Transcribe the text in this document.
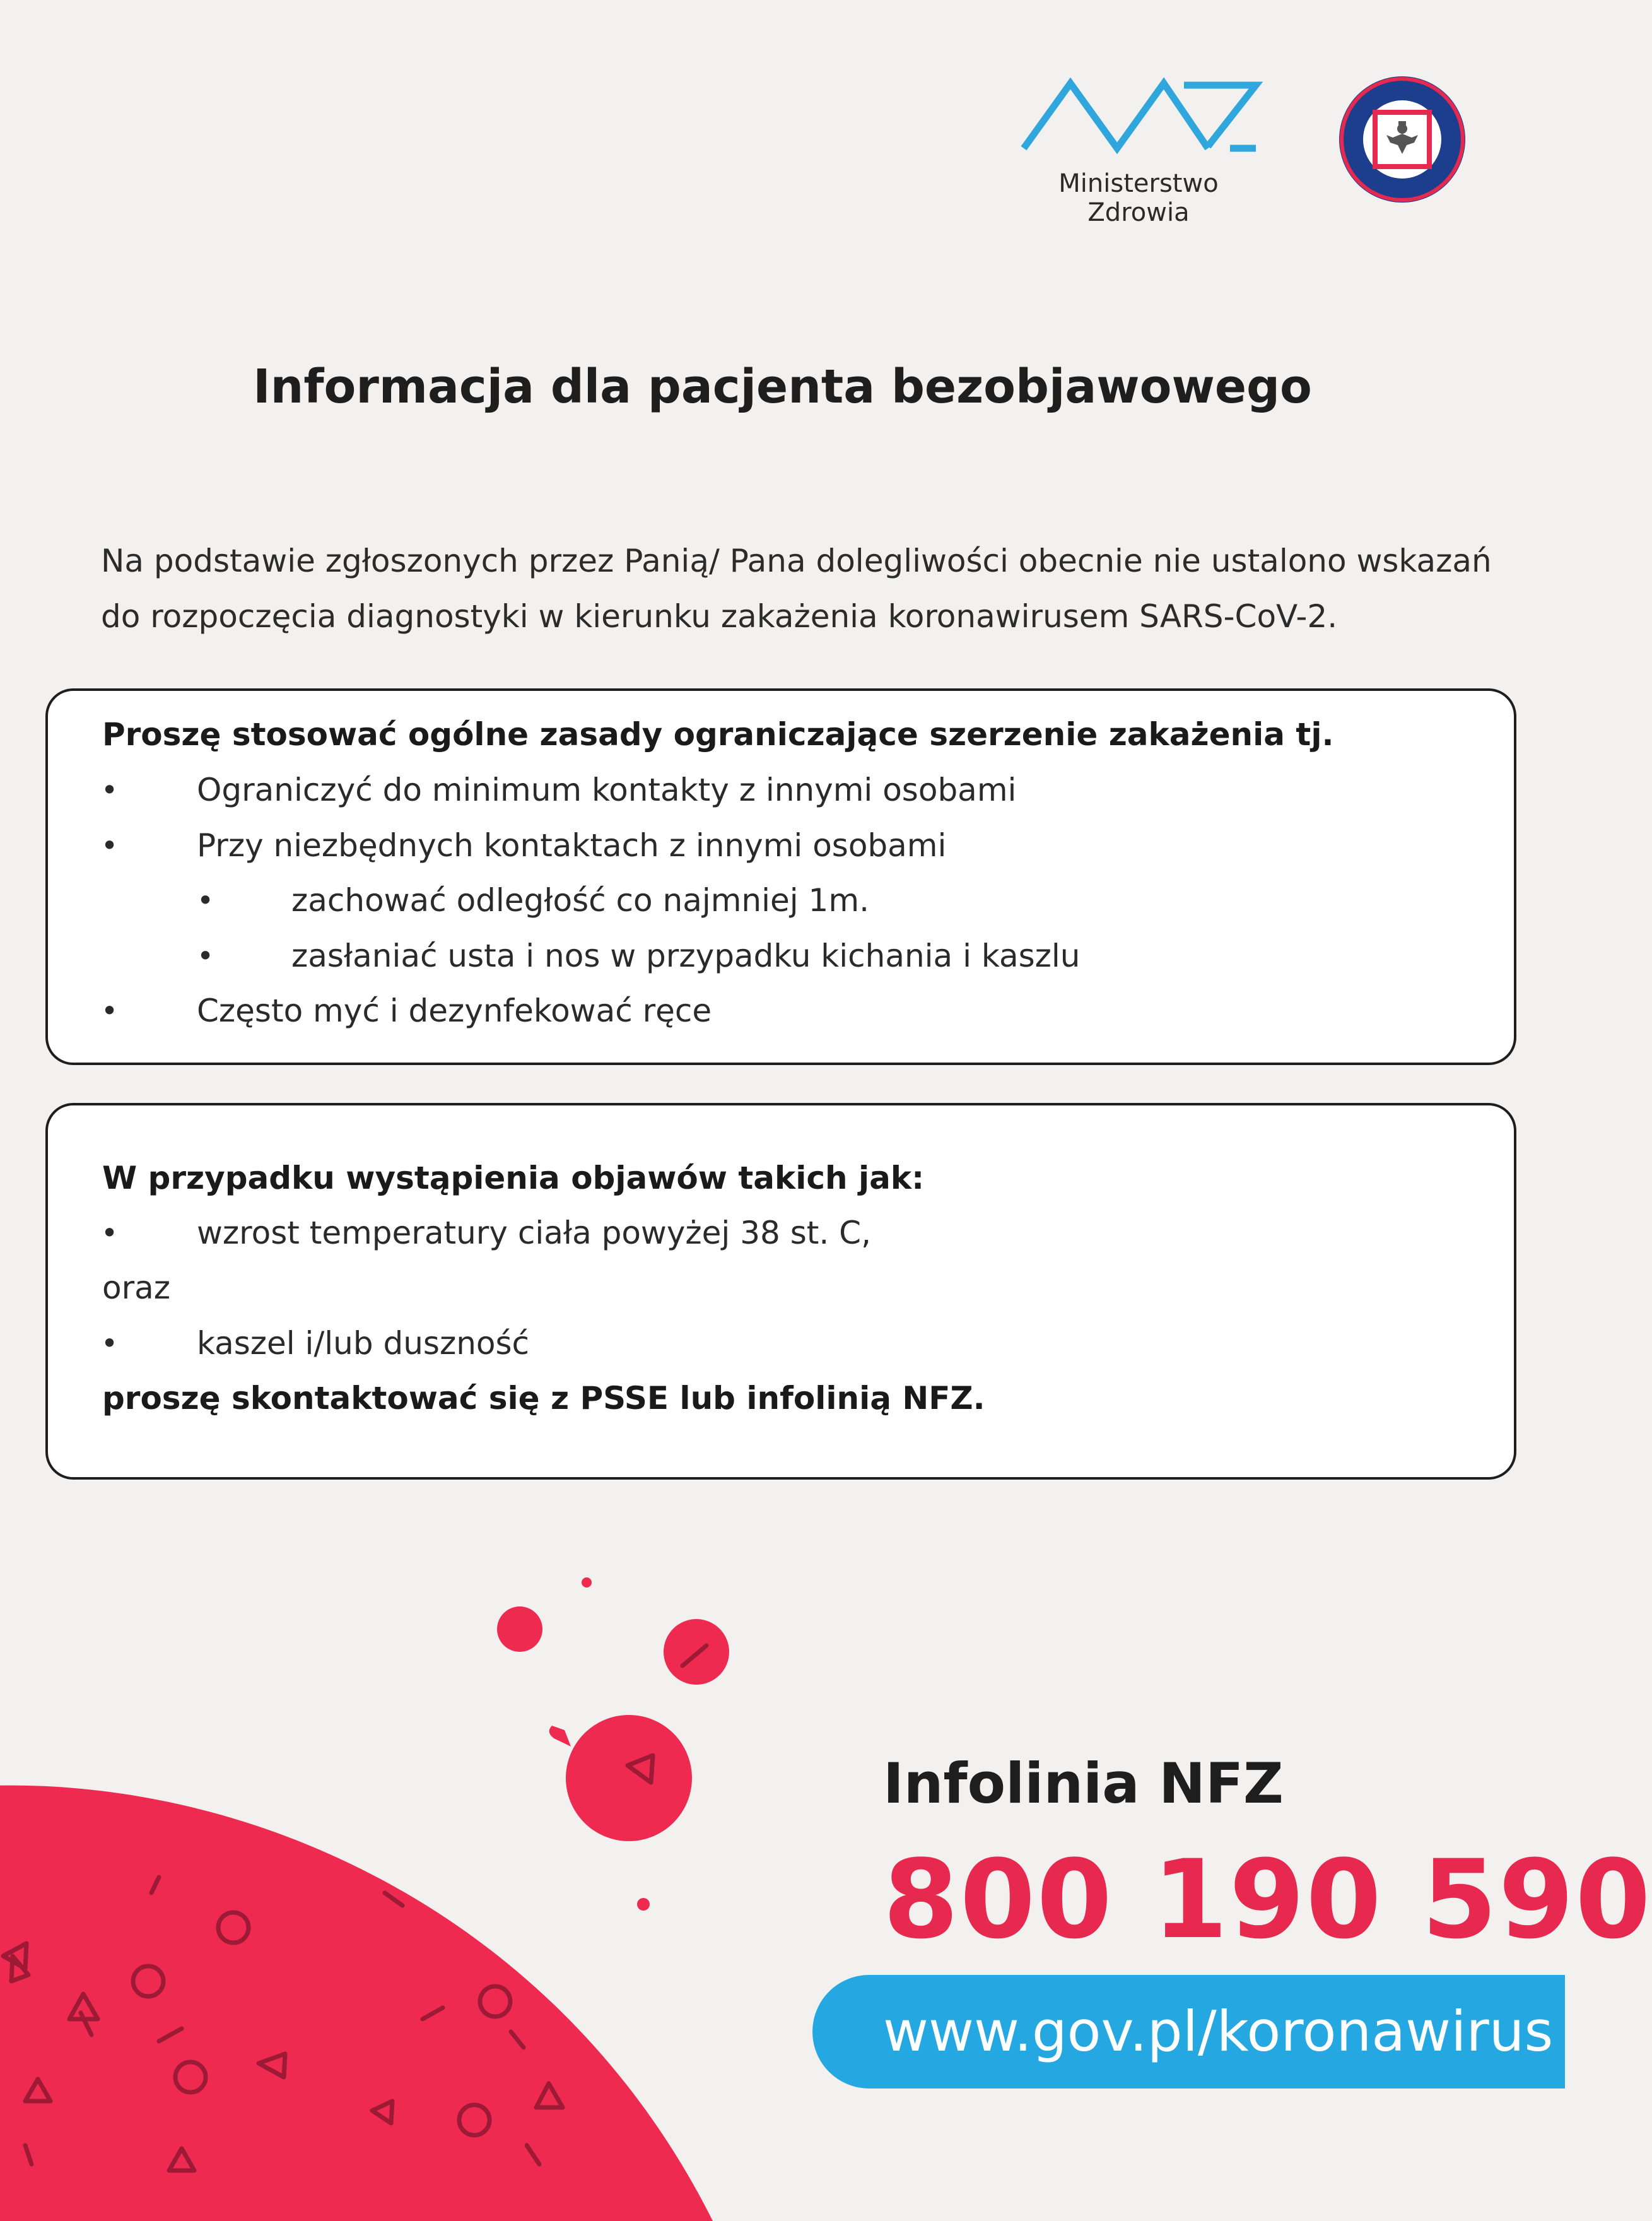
Ministerstwo Zdrowia
Informacja dla pacjenta bezobjawowego
Na podstawie zgłoszonych przez Panią/ Pana dolegliwości obecnie nie ustalono wskazań
do rozpoczęcia diagnostyki w kierunku zakażenia koronawirusem SARS-CoV-2.
Proszę stosować ogólne zasady ograniczające szerzenie zakażenia tj.
• Ograniczyć do minimum kontakty z innymi osobami
• Przy niezbędnych kontaktach z innymi osobami
• zachować odległość co najmniej 1m.
• zasłaniać usta i nos w przypadku kichania i kaszlu
• Często myć i dezynfekować ręce
W przypadku wystąpienia objawów takich jak:
• wzrost temperatury ciała powyżej 38 st. C,
oraz
• kaszel i/lub duszność
proszę skontaktować się z PSSE lub infolinią NFZ.
Infolinia NFZ
800 190 590
www.gov.pl/koronawirus
